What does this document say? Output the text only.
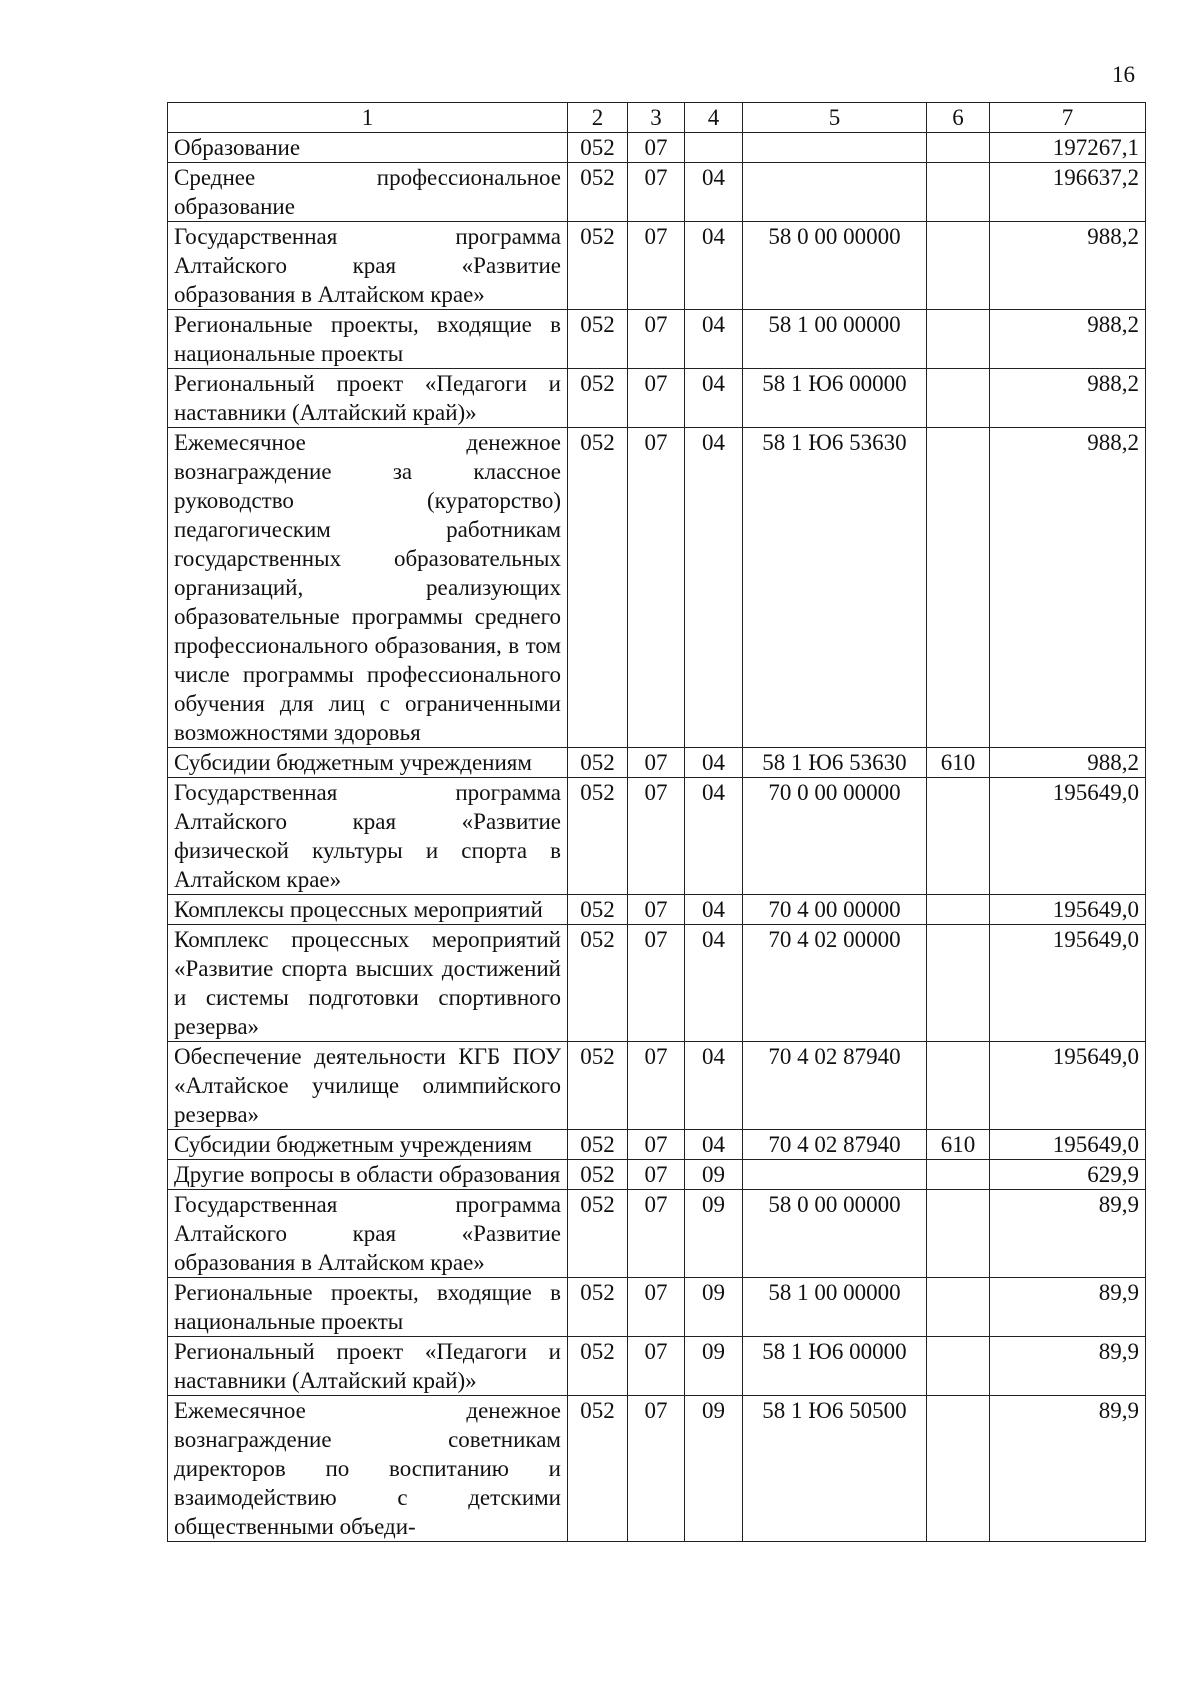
16
1	2	3	4	5	6	7
Образование	052	07				197267,1
Среднее профессиональное образование	052	07	04			196637,2
Государственная программа Алтайского края «Развитие образования в Алтайском крае»	052	07	04	58 0 00 00000		988,2
Региональные проекты, входящие в национальные проекты	052	07	04	58 1 00 00000		988,2
Региональный проект «Педагоги и наставники (Алтайский край)»	052	07	04	58 1 Ю6 00000		988,2
Ежемесячное денежное вознаграждение за классное руководство (кураторство) педагогическим работникам государственных образовательных организаций, реализующих образовательные программы среднего профессионального образования, в том числе программы профессионального обучения для лиц с ограниченными возможностями здоровья	052	07	04	58 1 Ю6 53630		988,2
Субсидии бюджетным учреждениям	052	07	04	58 1 Ю6 53630	610	988,2
Государственная программа Алтайского края «Развитие физической культуры и спорта в Алтайском крае»	052	07	04	70 0 00 00000		195649,0
Комплексы процессных мероприятий	052	07	04	70 4 00 00000		195649,0
Комплекс процессных мероприятий «Развитие спорта высших достижений и системы подготовки спортивного резерва»	052	07	04	70 4 02 00000		195649,0
Обеспечение деятельности КГБ ПОУ «Алтайское училище олимпийского резерва»	052	07	04	70 4 02 87940		195649,0
Субсидии бюджетным учреждениям	052	07	04	70 4 02 87940	610	195649,0
Другие вопросы в области образования	052	07	09			629,9
Государственная программа Алтайского края «Развитие образования в Алтайском крае»	052	07	09	58 0 00 00000		89,9
Региональные проекты, входящие в национальные проекты	052	07	09	58 1 00 00000		89,9
Региональный проект «Педагоги и наставники (Алтайский край)»	052	07	09	58 1 Ю6 00000		89,9
Ежемесячное денежное вознаграждение советникам директоров по воспитанию и взаимодействию с детскими общественными объеди-	052	07	09	58 1 Ю6 50500		89,9
